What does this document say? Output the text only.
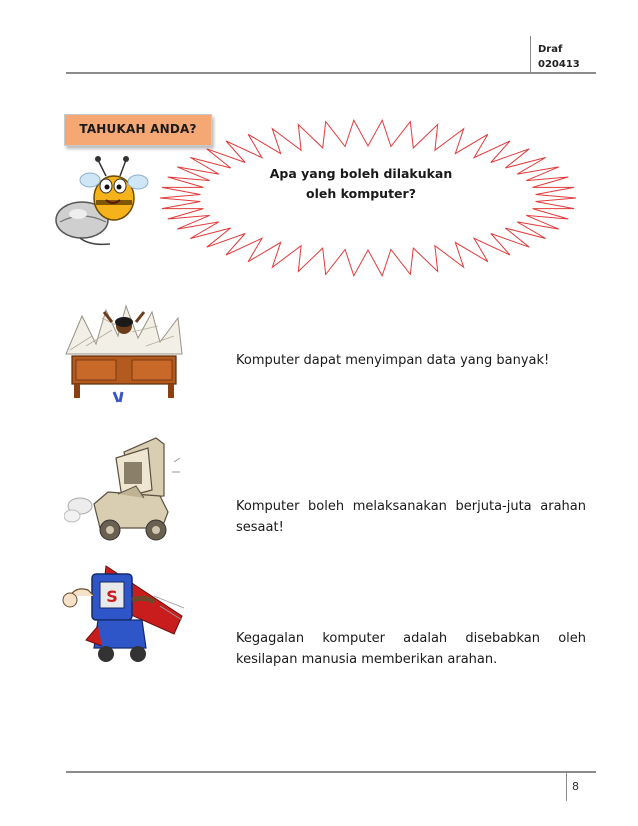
Draf
020413
TAHUKAH ANDA?
Apa yang boleh dilakukan
oleh komputer?
Komputer dapat menyimpan data yang banyak!
Komputer boleh melaksanakan berjuta-juta arahan sesaat!
S
Kegagalan komputer adalah disebabkan oleh kesilapan manusia memberikan arahan.
8
